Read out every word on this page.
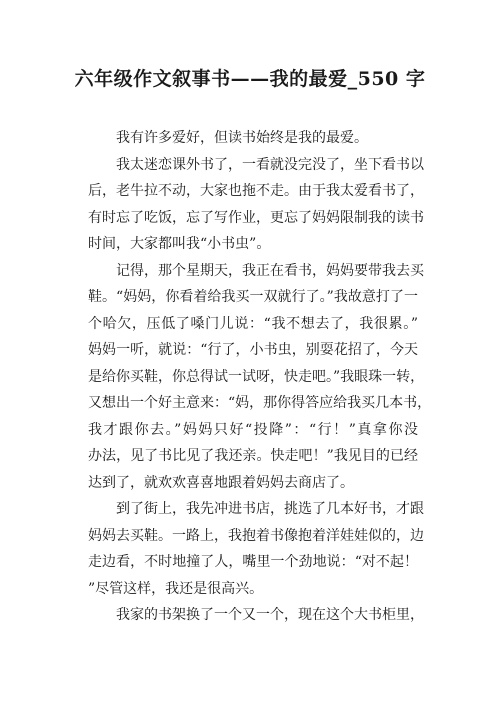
六年级作文叙事书——我的最爱_550 字
我有许多爱好，但读书始终是我的最爱。
我太迷恋课外书了，一看就没完没了，坐下看书以
后，老牛拉不动，大家也拖不走。由于我太爱看书了，
有时忘了吃饭，忘了写作业，更忘了妈妈限制我的读书
时间，大家都叫我“小书虫”。
记得，那个星期天，我正在看书，妈妈要带我去买
鞋。“妈妈，你看着给我买一双就行了。”我故意打了一
个哈欠，压低了嗓门儿说：“我不想去了，我很累。”
妈妈一听，就说：“行了，小书虫，别耍花招了，今天
是给你买鞋，你总得试一试呀，快走吧。”我眼珠一转，
又想出一个好主意来：“妈，那你得答应给我买几本书，
我才跟你去。”妈妈只好“投降”：“行！”真拿你没
办法，见了书比见了我还亲。快走吧！”我见目的已经
达到了，就欢欢喜喜地跟着妈妈去商店了。
到了街上，我先冲进书店，挑选了几本好书，才跟
妈妈去买鞋。一路上，我抱着书像抱着洋娃娃似的，边
走边看，不时地撞了人，嘴里一个劲地说：“对不起！
”尽管这样，我还是很高兴。
我家的书架换了一个又一个，现在这个大书柜里，
